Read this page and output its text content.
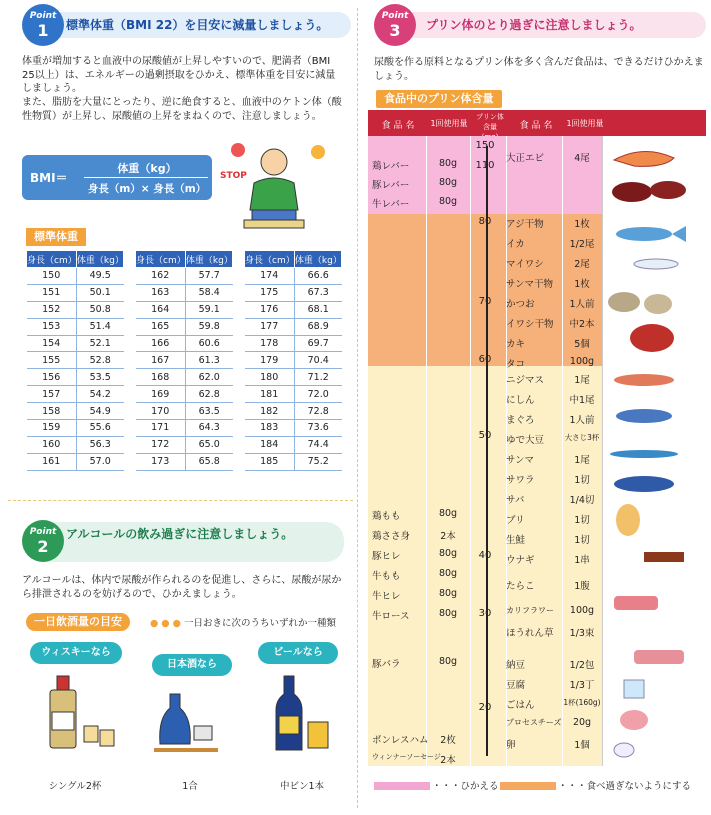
標準体重（BMI 22）を目安に減量しましょう。
Point
1
体重が増加すると血液中の尿酸値が上昇しやすいので、肥満者（BMI 25以上）は、エネルギーの過剰摂取をひかえ、標準体重を目安に減量しましょう。
また、脂肪を大量にとったり、逆に絶食すると、血液中のケトン体（酸性物質）が上昇し、尿酸値の上昇をまねくので、注意しましょう。
BMI＝
体重（kg）
身長（m）× 身長（m）
STOP
標準体重
身長（cm）	体重（kg）
150	49.5
151	50.1
152	50.8
153	51.4
154	52.1
155	52.8
156	53.5
157	54.2
158	54.9
159	55.6
160	56.3
161	57.0
身長（cm）	体重（kg）
162	57.7
163	58.4
164	59.1
165	59.8
166	60.6
167	61.3
168	62.0
169	62.8
170	63.5
171	64.3
172	65.0
173	65.8
身長（cm）	体重（kg）
174	66.6
175	67.3
176	68.1
177	68.9
178	69.7
179	70.4
180	71.2
181	72.0
182	72.8
183	73.6
184	74.4
185	75.2
アルコールの飲み過ぎに注意しましょう。
Point
2
アルコールは、体内で尿酸が作られるのを促進し、さらに、尿酸が尿から排泄されるのを妨げるので、ひかえましょう。
一日飲酒量の目安	● ● ● 一日おきに次のうちいずれか一種類
ウィスキーなら
日本酒なら
ビールなら
シングル2杯	1合	中ビン1本
プリン体のとり過ぎに注意しましょう。
Point
3
尿酸を作る原料となるプリン体を多く含んだ食品は、できるだけひかえましょう。
食品中のプリン体含量
食 品 名	1回使用量
プリン体含量	食 品 名	1回使用量
150
110
80
70
60
50
40
30
20
鶏レバー	80g
豚レバー	80g
牛レバー	80g
鶏もも	80g
鶏ささ身	2本
豚ヒレ	80g
牛もも	80g
牛ヒレ	80g
牛ロース	80g
豚バラ	80g
ボンレスハム	2枚
ウィンナーソーセージ 2本
大正エビ	4尾
アジ干物	1枚
イカ	1/2尾
マイワシ	2尾
サンマ干物	1枚
かつお	1人前
イワシ干物	中2本
カキ	5個
タコ	100g
ニジマス	1尾
にしん	中1尾
まぐろ	1人前
ゆで大豆	大さじ3杯
サンマ	1尾
サワラ	1切
サバ	1/4切
ブリ	1切
生鮭	1切
ウナギ	1串
たらこ	1腹
カリフラワー	100g
ほうれん草	1/3束
納豆	1/2包
豆腐	1/3丁
ごはん	1杯(160g)
プロセスチーズ	20g
卵	1個
・・・ひかえる	・・・食べ過ぎないようにする
